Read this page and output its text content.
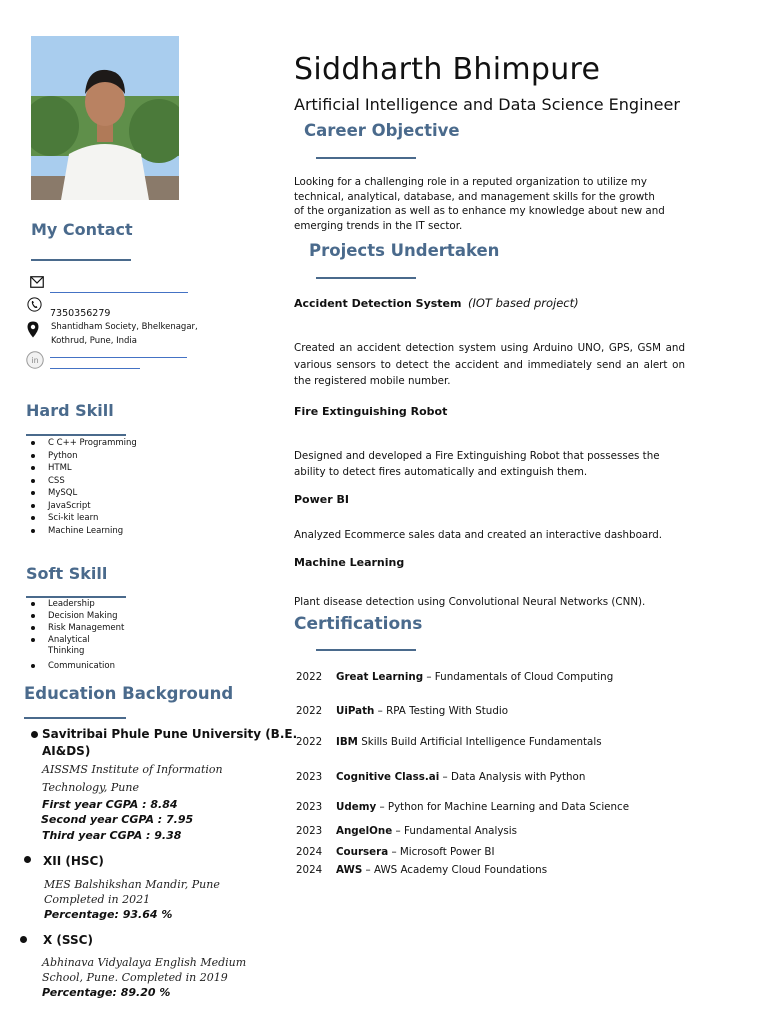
My Contact
7350356279
Shantidham Society, Bhelkenagar,
Kothrud, Pune, India
in
Hard Skill
C C++ Programming
Python
HTML
CSS
MySQL
JavaScript
Sci-kit learn
Machine Learning
Soft Skill
Leadership
Decision Making
Risk Management
Analytical
Thinking
Communication
Education Background
Savitribai Phule Pune University (B.E.
AI&DS)
AISSMS Institute of Information
Technology, Pune
First year CGPA : 8.84
Second year CGPA : 7.95
Third year CGPA : 9.38
XII (HSC)
MES Balshikshan Mandir, Pune
Completed in 2021
Percentage: 93.64 %
X (SSC)
Abhinava Vidyalaya English Medium
School, Pune. Completed in 2019
Percentage: 89.20 %
Siddharth Bhimpure
Artificial Intelligence and Data Science Engineer
Career Objective
Looking for a challenging role in a reputed organization to utilize my technical, analytical, database, and management skills for the growth of the organization as well as to enhance my knowledge about new and emerging trends in the IT sector.
Projects Undertaken
Accident Detection System (IOT based project)
Created an accident detection system using Arduino UNO, GPS, GSM and various sensors to detect the accident and immediately send an alert on the registered mobile number.
Fire Extinguishing Robot
Designed and developed a Fire Extinguishing Robot that possesses the ability to detect fires automatically and extinguish them.
Power BI
Analyzed Ecommerce sales data and created an interactive dashboard.
Machine Learning
Plant disease detection using Convolutional Neural Networks (CNN).
Certifications
2022 Great Learning – Fundamentals of Cloud Computing
2022 UiPath – RPA Testing With Studio
2022 IBM Skills Build Artificial Intelligence Fundamentals
2023 Cognitive Class.ai – Data Analysis with Python
2023 Udemy – Python for Machine Learning and Data Science
2023 AngelOne – Fundamental Analysis
2024 Coursera – Microsoft Power BI
2024 AWS – AWS Academy Cloud Foundations
